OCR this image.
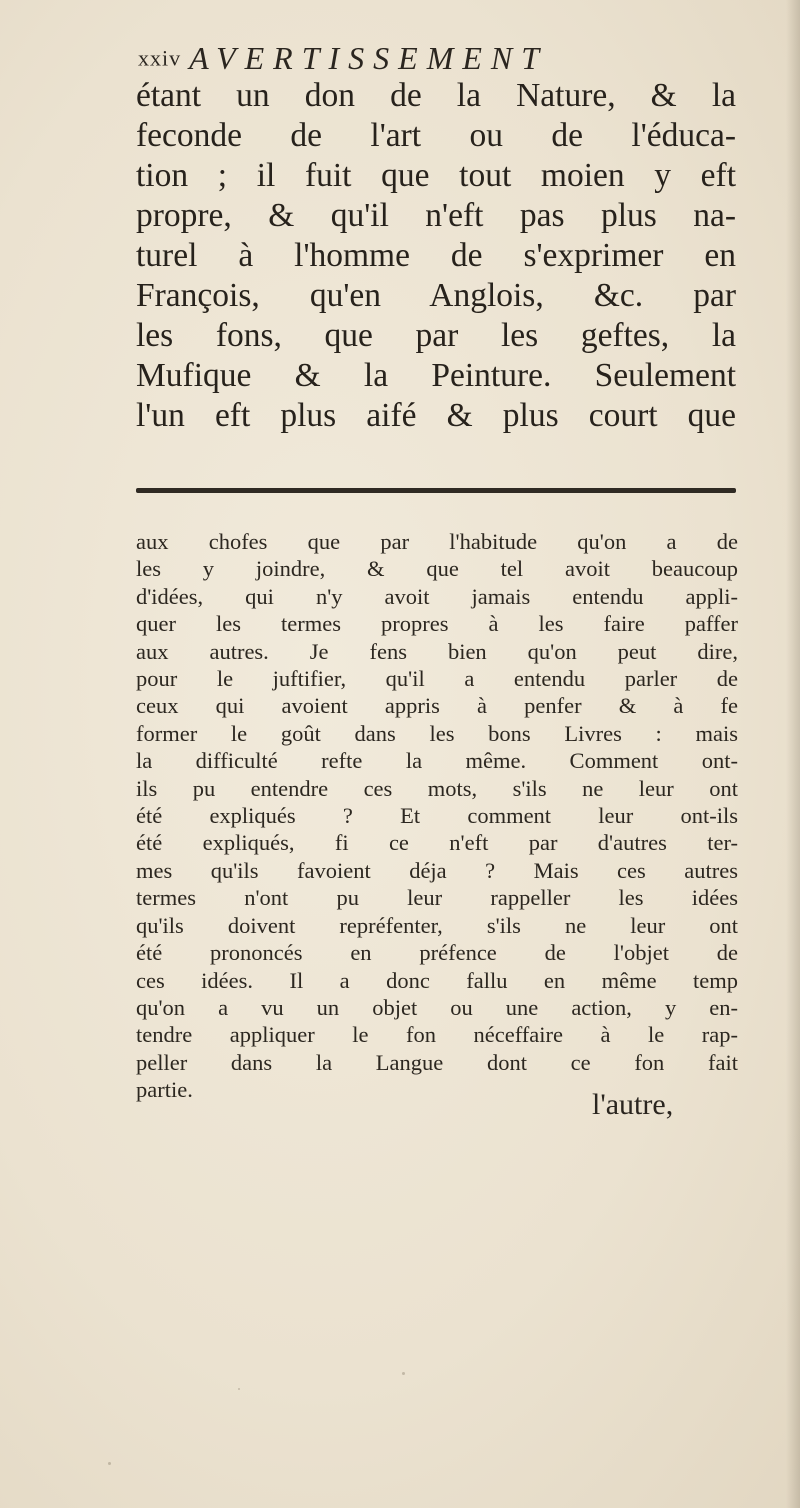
xxiv AVERTISSEMENT
étant un don de la Nature, & la
feconde de l'art ou de l'éduca-
tion ; il fuit que tout moien y eft
propre, & qu'il n'eft pas plus na-
turel à l'homme de s'exprimer en
François, qu'en Anglois, &c. par
les fons, que par les geftes, la
Mufique & la Peinture. Seulement
l'un eft plus aifé & plus court que
aux chofes que par l'habitude qu'on a de
les y joindre, & que tel avoit beaucoup
d'idées, qui n'y avoit jamais entendu appli-
quer les termes propres à les faire paffer
aux autres. Je fens bien qu'on peut dire,
pour le juftifier, qu'il a entendu parler de
ceux qui avoient appris à penfer & à fe
former le goût dans les bons Livres : mais
la difficulté refte la même. Comment ont-
ils pu entendre ces mots, s'ils ne leur ont
été expliqués ? Et comment leur ont-ils
été expliqués, fi ce n'eft par d'autres ter-
mes qu'ils favoient déja ? Mais ces autres
termes n'ont pu leur rappeller les idées
qu'ils doivent repréfenter, s'ils ne leur ont
été prononcés en préfence de l'objet de
ces idées. Il a donc fallu en même temp
qu'on a vu un objet ou une action, y en-
tendre appliquer le fon néceffaire à le rap-
peller dans la Langue dont ce fon fait
partie.	l'autre,
